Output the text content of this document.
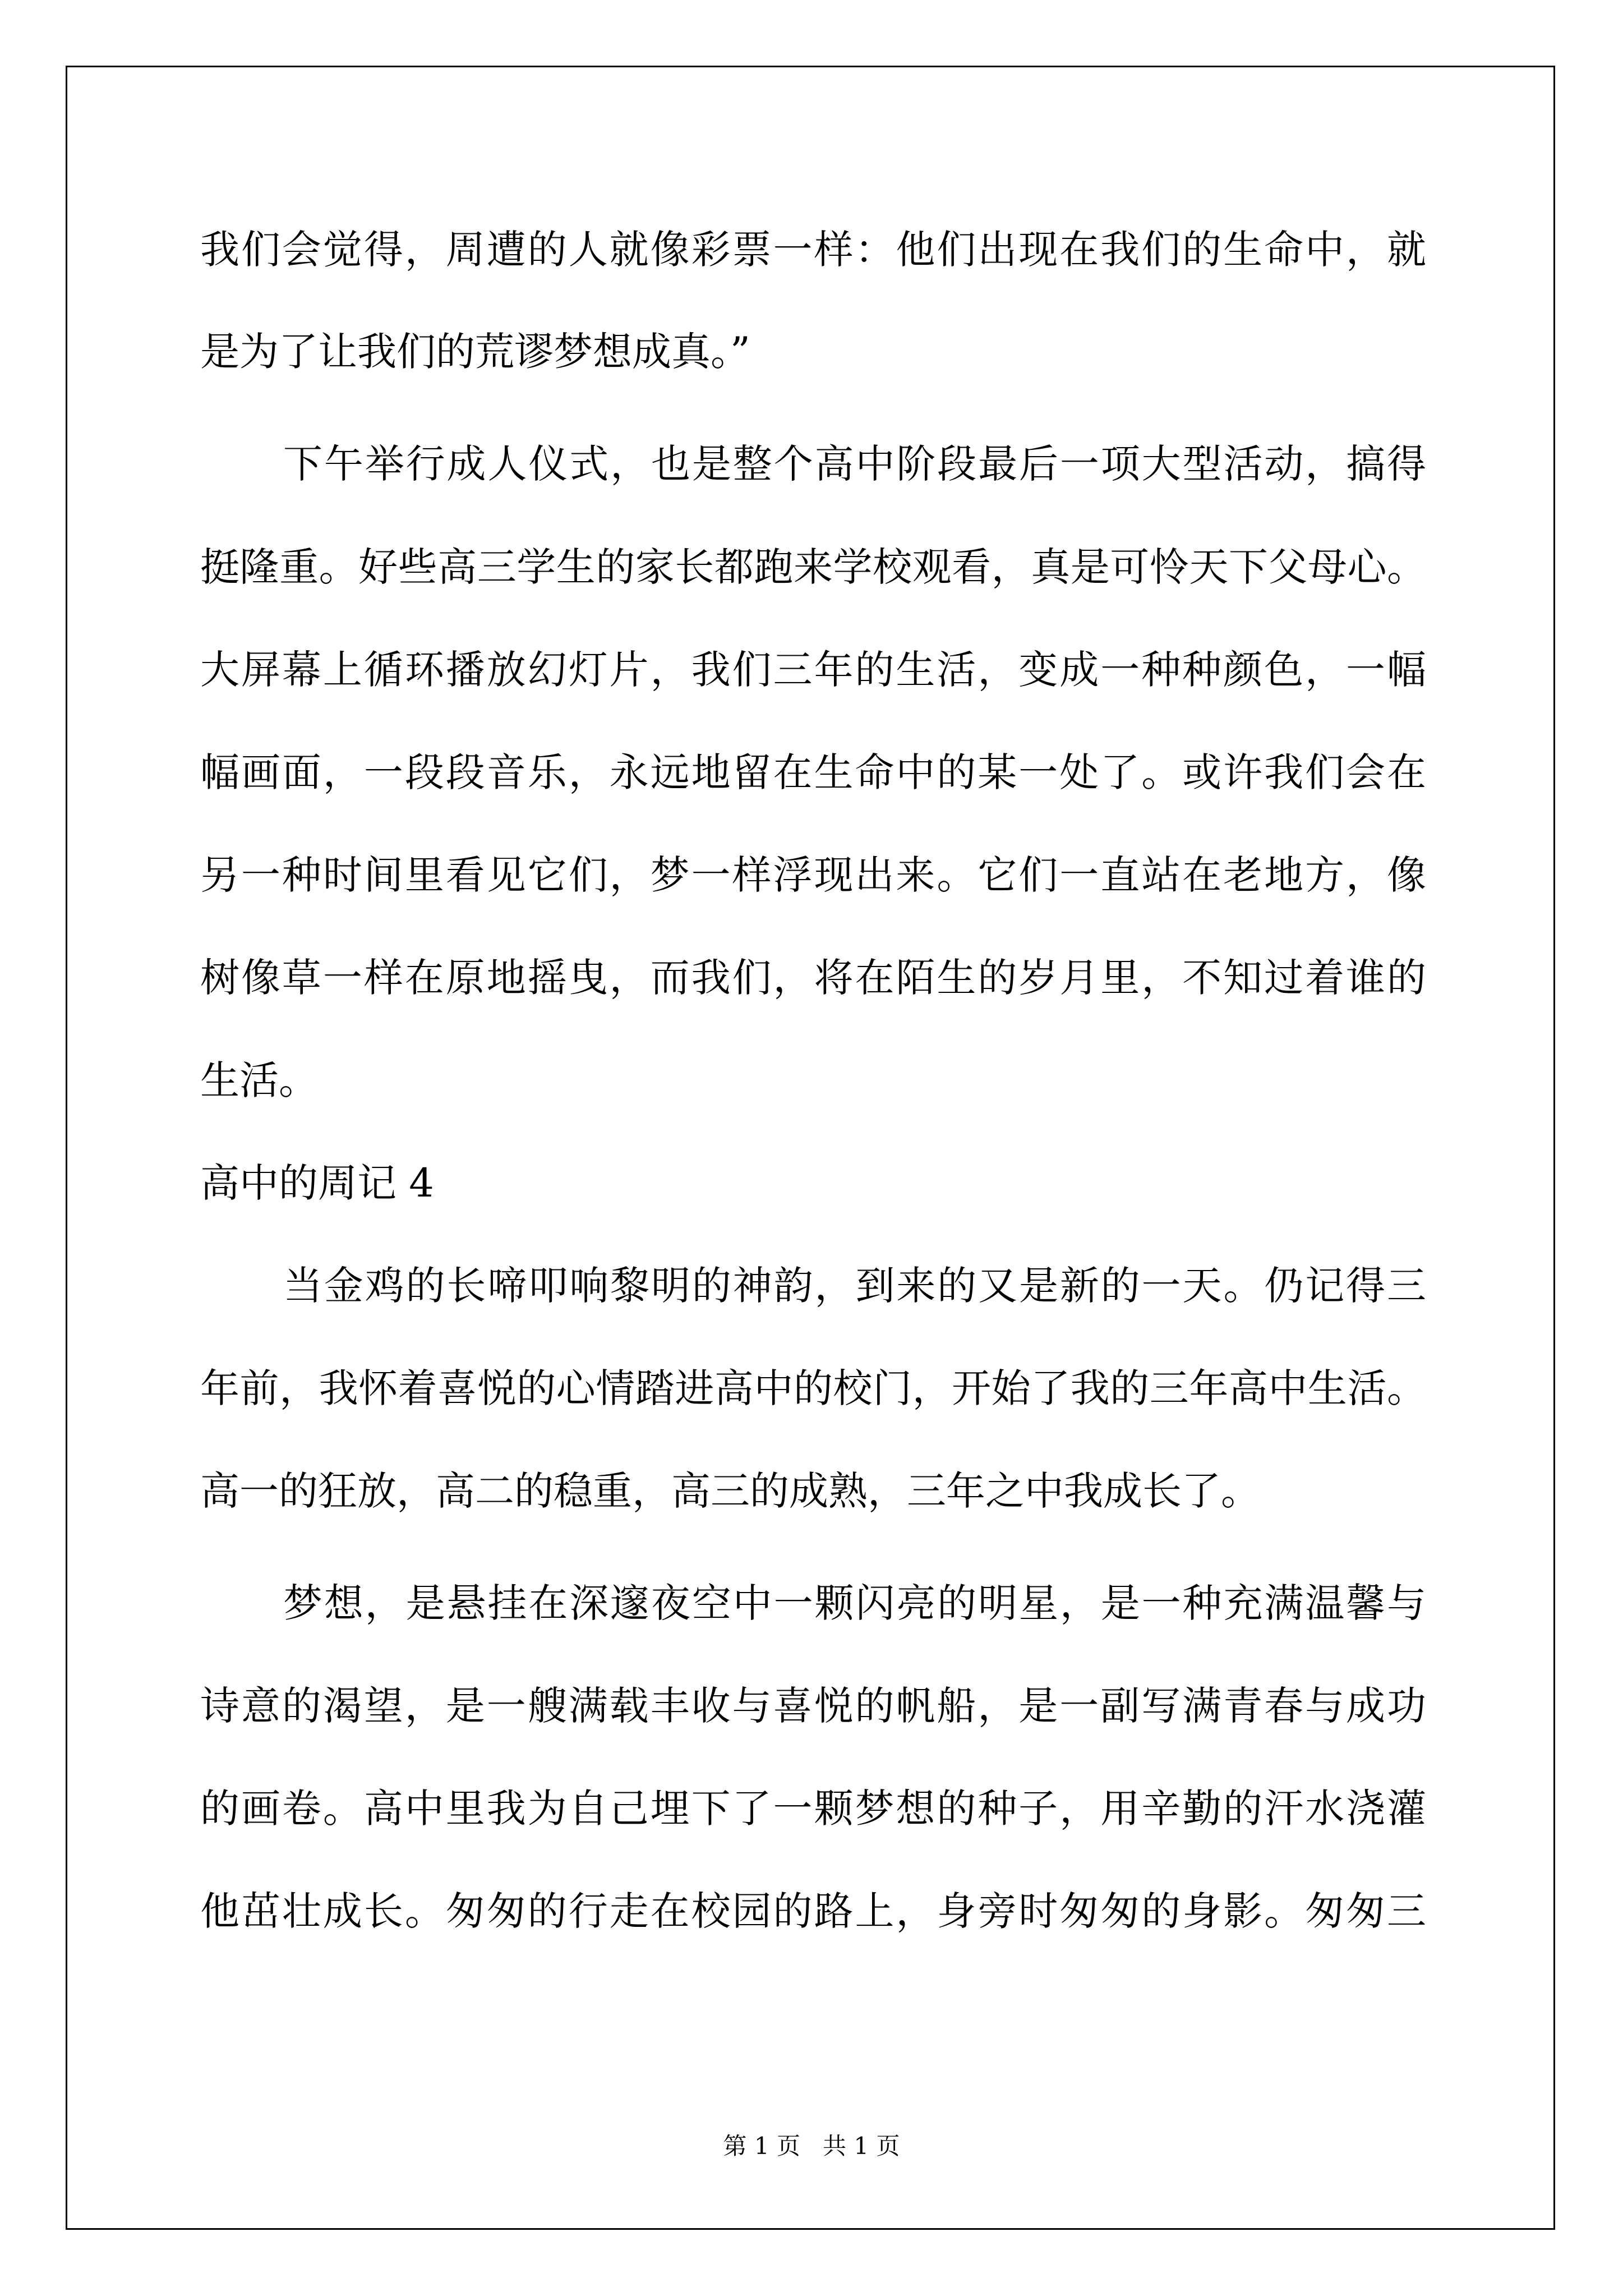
我们会觉得，周遭的人就像彩票一样：他们出现在我们的生命中，就
是为了让我们的荒谬梦想成真。”
下午举行成人仪式，也是整个高中阶段最后一项大型活动，搞得
挺隆重。好些高三学生的家长都跑来学校观看，真是可怜天下父母心。
大屏幕上循环播放幻灯片，我们三年的生活，变成一种种颜色，一幅
幅画面，一段段音乐，永远地留在生命中的某一处了。或许我们会在
另一种时间里看见它们，梦一样浮现出来。它们一直站在老地方，像
树像草一样在原地摇曳，而我们，将在陌生的岁月里，不知过着谁的
生活。
高中的周记 4
当金鸡的长啼叩响黎明的神韵，到来的又是新的一天。仍记得三
年前，我怀着喜悦的心情踏进高中的校门，开始了我的三年高中生活。
高一的狂放，高二的稳重，高三的成熟，三年之中我成长了。
梦想，是悬挂在深邃夜空中一颗闪亮的明星，是一种充满温馨与
诗意的渴望，是一艘满载丰收与喜悦的帆船，是一副写满青春与成功
的画卷。高中里我为自己埋下了一颗梦想的种子，用辛勤的汗水浇灌
他茁壮成长。匆匆的行走在校园的路上，身旁时匆匆的身影。匆匆三
第 1 页   共 1 页
